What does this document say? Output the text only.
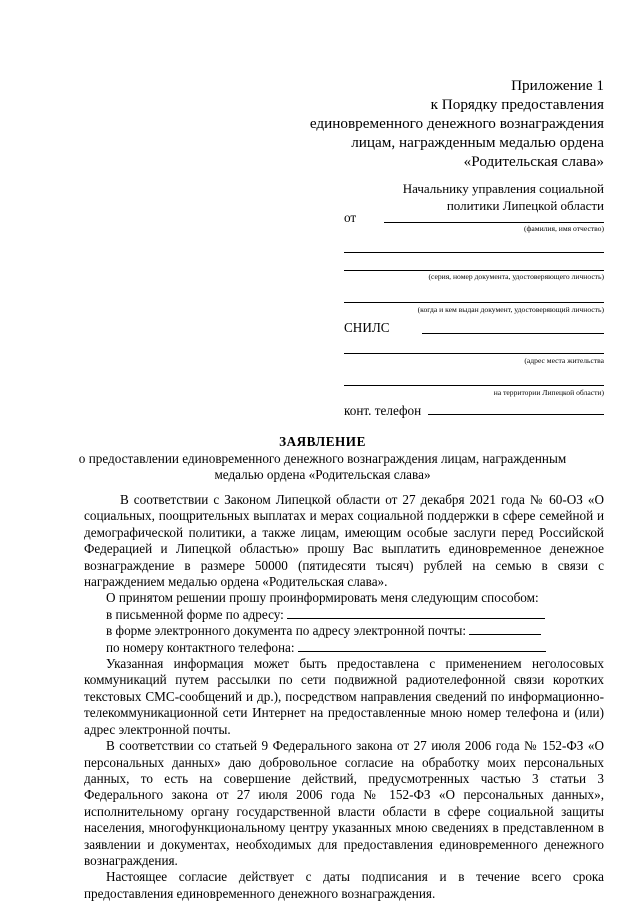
Приложение 1
к Порядку предоставления
единовременного денежного вознаграждения
лицам, награжденным медалью ордена
«Родительская слава»
Начальнику управления социальной
политики Липецкой области
от
(фамилия, имя отчество)
(серия, номер документа, удостоверяющего личность)
(когда и кем выдан документ, удостоверяющий личность)
СНИЛС
(адрес места жительства
на территории Липецкой области)
конт. телефон
ЗАЯВЛЕНИЕ
о предоставлении единовременного денежного вознаграждения лицам, награжденным
медалью ордена «Родительская слава»

В соответствии с Законом Липецкой области от 27 декабря 2021 года № 60-ОЗ «О социальных, поощрительных выплатах и мерах социальной поддержки в сфере семейной и демографической политики, а также лицам, имеющим особые заслуги перед Российской Федерацией и Липецкой областью» прошу Вас выплатить единовременное денежное вознаграждение в размере 50000 (пятидесяти тысяч) рублей на семью в связи с награждением медалью ордена «Родительская слава».

О принятом решении прошу проинформировать меня следующим способом:

в письменной форме по адресу:

в форме электронного документа по адресу электронной почты:

по номеру контактного телефона:

Указанная информация может быть предоставлена с применением неголосовых коммуникаций путем рассылки по сети подвижной радиотелефонной связи коротких текстовых СМС-сообщений и др.), посредством направления сведений по информационно-телекоммуникационной сети Интернет на предоставленные мною номер телефона и (или) адрес электронной почты.

В соответствии со статьей 9 Федерального закона от 27 июля 2006 года № 152-ФЗ «О персональных данных» даю добровольное согласие на обработку моих персональных данных, то есть на совершение действий, предусмотренных частью 3 статьи 3 Федерального закона от 27 июля 2006 года № 152-ФЗ «О персональных данных», исполнительному органу государственной власти области в сфере социальной защиты населения, многофункциональному центру указанных мною сведениях в представленном в заявлении и документах, необходимых для предоставления единовременного денежного вознаграждения.

Настоящее согласие действует с даты подписания и в течение всего срока предоставления единовременного денежного вознаграждения.
